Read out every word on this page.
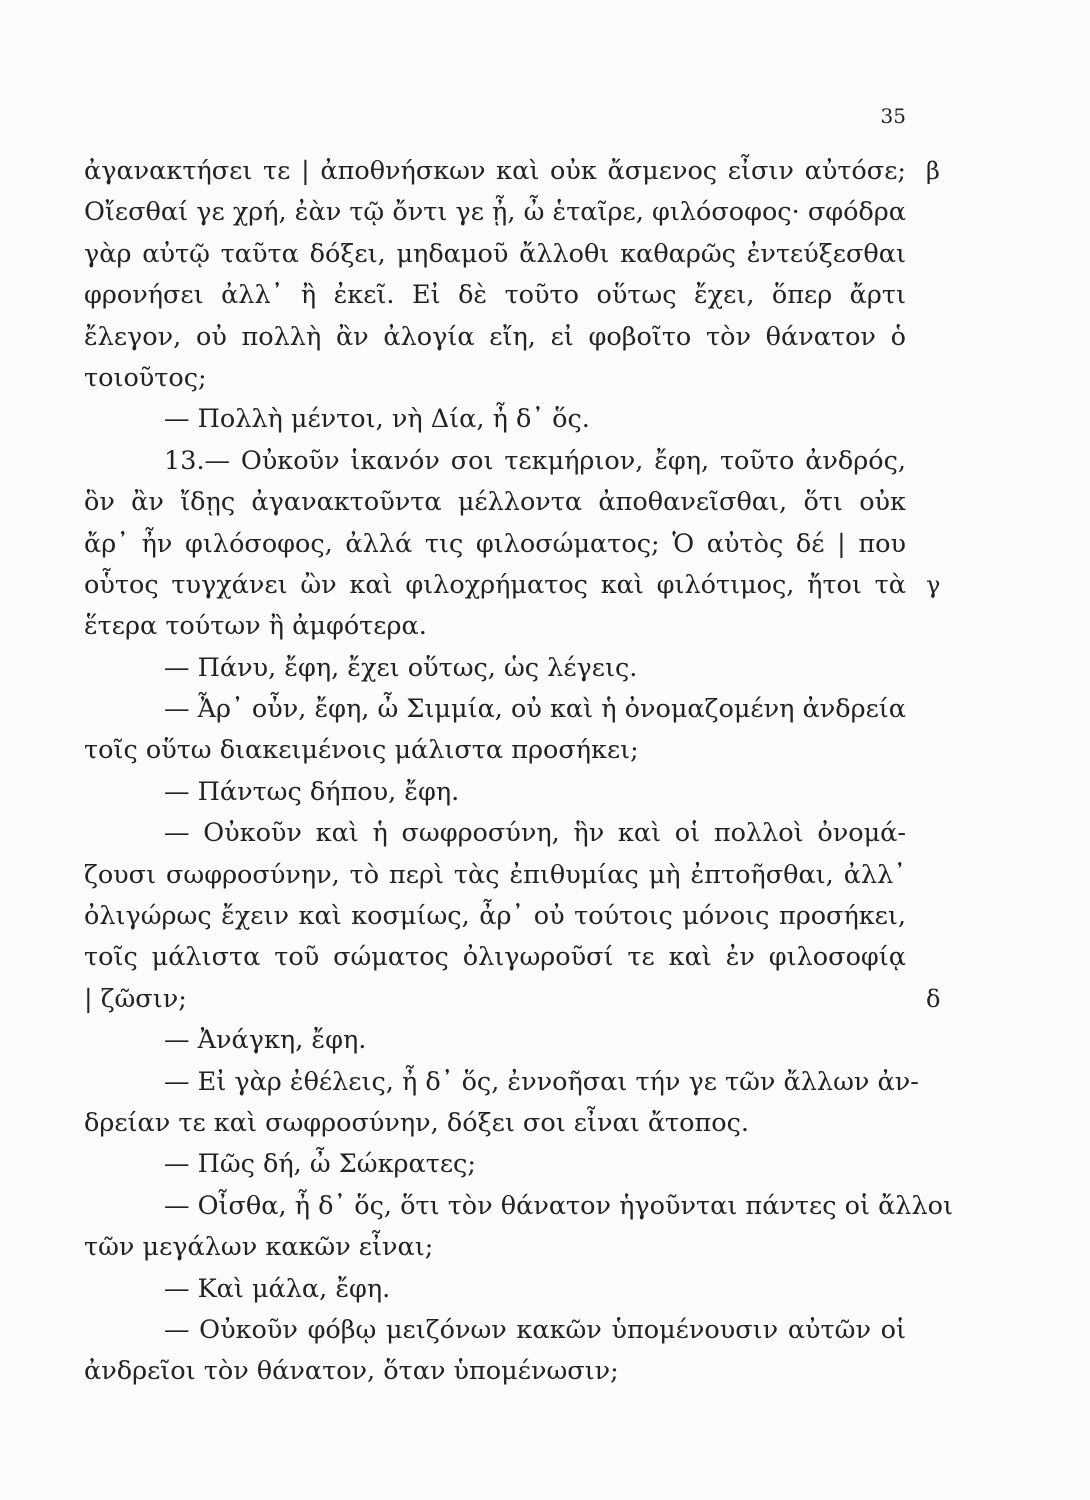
35
β
γ
δ
ἀγανακτήσει τε | ἀποθνήσκων καὶ οὐκ ἄσμενος εἶσιν αὐτόσε;
Οἴεσθαί γε χρή, ἐὰν τῷ ὄντι γε ᾖ, ὦ ἑταῖρε, φιλόσοφος· σφόδρα
γὰρ αὐτῷ ταῦτα δόξει, μηδαμοῦ ἄλλοθι καθαρῶς ἐντεύξεσθαι
φρονήσει ἀλλ᾽ ἢ ἐκεῖ. Εἰ δὲ τοῦτο οὕτως ἔχει, ὅπερ ἄρτι
ἔλεγον, οὐ πολλὴ ἂν ἀλογία εἴη, εἰ φοβοῖτο τὸν θάνατον ὁ
τοιοῦτος;
— Πολλὴ μέντοι, νὴ Δία, ἦ δ᾽ ὅς.
13.— Οὐκοῦν ἱκανόν σοι τεκμήριον, ἔφη, τοῦτο ἀνδρός,
ὃν ἂν ἴδῃς ἀγανακτοῦντα μέλλοντα ἀποθανεῖσθαι, ὅτι οὐκ
ἄρ᾽ ἦν φιλόσοφος, ἀλλά τις φιλοσώματος; Ὁ αὐτὸς δέ | που
οὗτος τυγχάνει ὢν καὶ φιλοχρήματος καὶ φιλότιμος, ἤτοι τὰ
ἕτερα τούτων ἢ ἀμφότερα.
— Πάνυ, ἔφη, ἔχει οὕτως, ὡς λέγεις.
— Ἆρ᾽ οὖν, ἔφη, ὦ Σιμμία, οὐ καὶ ἡ ὀνομαζομένη ἀνδρεία
τοῖς οὕτω διακειμένοις μάλιστα προσήκει;
— Πάντως δήπου, ἔφη.
— Οὐκοῦν καὶ ἡ σωφροσύνη, ἣν καὶ οἱ πολλοὶ ὀνομά-
ζουσι σωφροσύνην, τὸ περὶ τὰς ἐπιθυμίας μὴ ἐπτοῆσθαι, ἀλλ᾽
ὀλιγώρως ἔχειν καὶ κοσμίως, ἆρ᾽ οὐ τούτοις μόνοις προσήκει,
τοῖς μάλιστα τοῦ σώματος ὀλιγωροῦσί τε καὶ ἐν φιλοσοφίᾳ
| ζῶσιν;
— Ἀνάγκη, ἔφη.
— Εἰ γὰρ ἐθέλεις, ἦ δ᾽ ὅς, ἐννοῆσαι τήν γε τῶν ἄλλων ἀν-
δρείαν τε καὶ σωφροσύνην, δόξει σοι εἶναι ἄτοπος.
— Πῶς δή, ὦ Σώκρατες;
— Οἶσθα, ἦ δ᾽ ὅς, ὅτι τὸν θάνατον ἡγοῦνται πάντες οἱ ἄλλοι
τῶν μεγάλων κακῶν εἶναι;
— Καὶ μάλα, ἔφη.
— Οὐκοῦν φόβῳ μειζόνων κακῶν ὑπομένουσιν αὐτῶν οἱ
ἀνδρεῖοι τὸν θάνατον, ὅταν ὑπομένωσιν;
